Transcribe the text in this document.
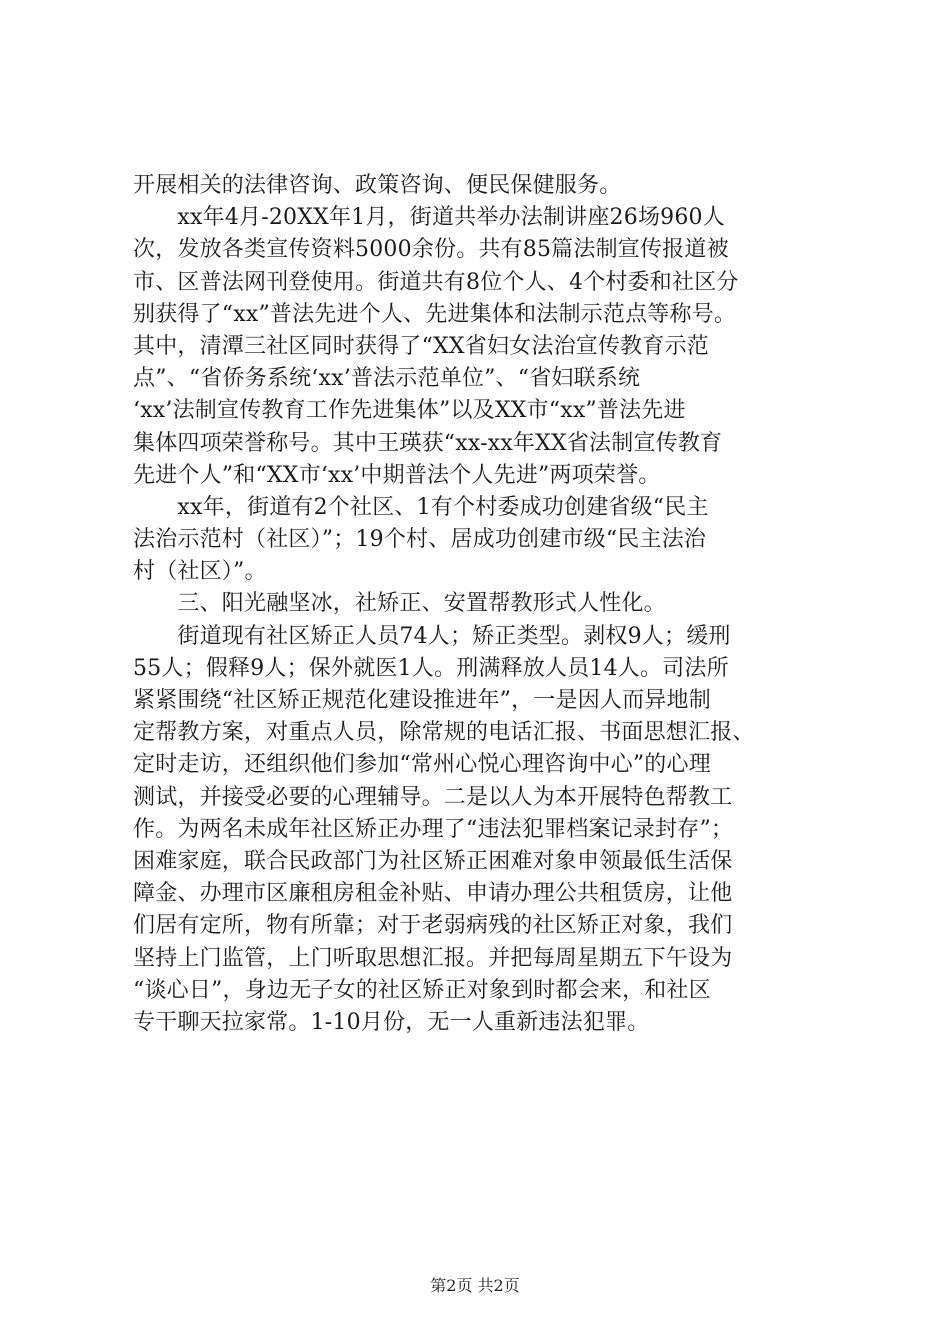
开展相关的法律咨询、政策咨询、便民保健服务。
　　xx年4月-20XX年1月，街道共举办法制讲座26场960人
次，发放各类宣传资料5000余份。共有85篇法制宣传报道被
市、区普法网刊登使用。街道共有8位个人、4个村委和社区分
别获得了“xx”普法先进个人、先进集体和法制示范点等称号。
其中，清潭三社区同时获得了“XX省妇女法治宣传教育示范
点”、“省侨务系统‘xx’普法示范单位”、“省妇联系统
‘xx’法制宣传教育工作先进集体”以及XX市“xx”普法先进
集体四项荣誉称号。其中王瑛获“xx-xx年XX省法制宣传教育
先进个人”和“XX市‘xx’中期普法个人先进”两项荣誉。
　　xx年，街道有2个社区、1有个村委成功创建省级“民主
法治示范村（社区）”；19个村、居成功创建市级“民主法治
村（社区）”。
　　三、阳光融坚冰，社矫正、安置帮教形式人性化。
　　街道现有社区矫正人员74人；矫正类型。剥权9人；缓刑
55人；假释9人；保外就医1人。刑满释放人员14人。司法所
紧紧围绕“社区矫正规范化建设推进年”，一是因人而异地制
定帮教方案，对重点人员，除常规的电话汇报、书面思想汇报、
定时走访，还组织他们参加“常州心悦心理咨询中心”的心理
测试，并接受必要的心理辅导。二是以人为本开展特色帮教工
作。为两名未成年社区矫正办理了“违法犯罪档案记录封存”；
困难家庭，联合民政部门为社区矫正困难对象申领最低生活保
障金、办理市区廉租房租金补贴、申请办理公共租赁房，让他
们居有定所，物有所靠；对于老弱病残的社区矫正对象，我们
坚持上门监管，上门听取思想汇报。并把每周星期五下午设为
“谈心日”，身边无子女的社区矫正对象到时都会来，和社区
专干聊天拉家常。1-10月份，无一人重新违法犯罪。
第2页 共2页
